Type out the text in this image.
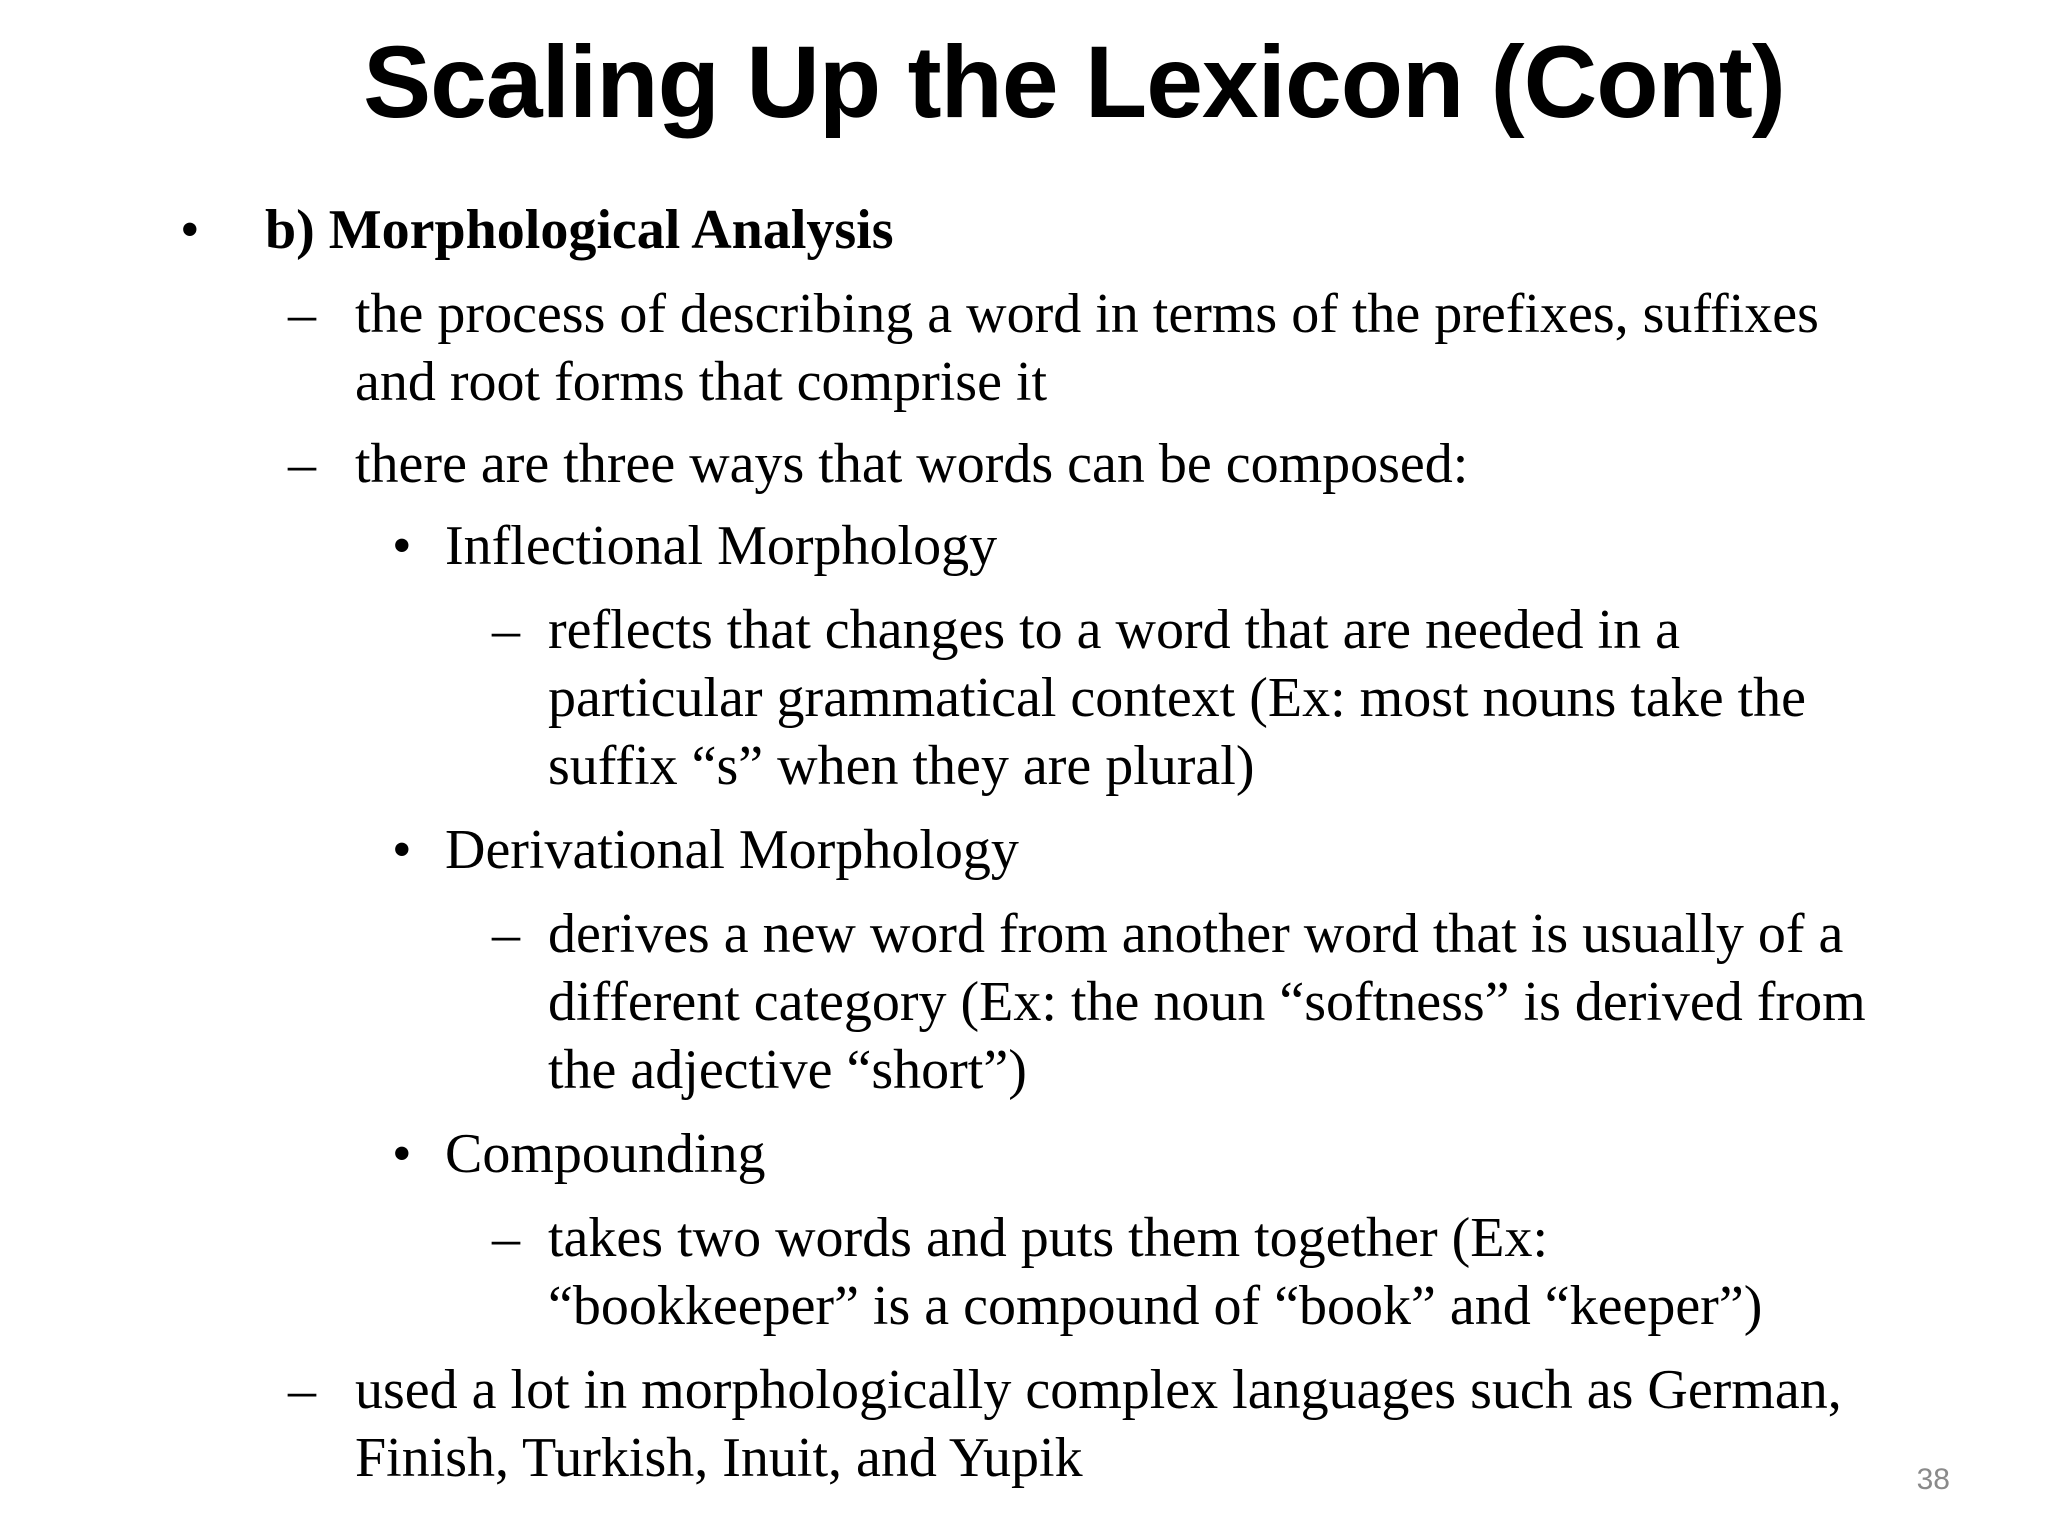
Scaling Up the Lexicon (Cont)
• b) Morphological Analysis
– the process of describing a word in terms of the prefixes, suffixes
and root forms that comprise it
– there are three ways that words can be composed:
• Inflectional Morphology
– reflects that changes to a word that are needed in a
particular grammatical context (Ex: most nouns take the
suffix “s” when they are plural)
• Derivational Morphology
– derives a new word from another word that is usually of a
different category (Ex: the noun “softness” is derived from
the adjective “short”)
• Compounding
– takes two words and puts them together (Ex:
“bookkeeper” is a compound of “book” and “keeper”)
– used a lot in morphologically complex languages such as German,
Finish, Turkish, Inuit, and Yupik	38
